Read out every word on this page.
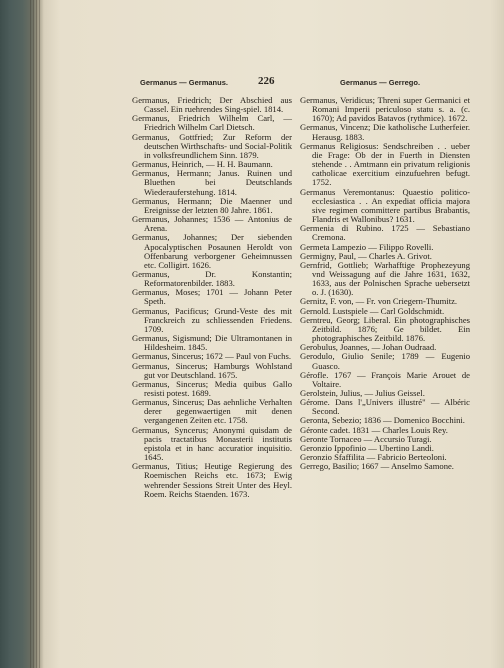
Germanus — Germanus.	226	Germanus — Gerrego.

Germanus, Friedrich; Der Abschied aus Cassel. Ein ruehrendes Sing-spiel. 1814.

Germanus, Friedrich Wilhelm Carl, — Friedrich Wilhelm Carl Dietsch.

Germanus, Gottfried; Zur Reform der deutschen Wirthschafts- und Social-Politik in volksfreundlichem Sinn. 1879.

Germanus, Heinrich, — H. H. Baumann.

Germanus, Hermann; Janus. Ruinen und Bluethen bei Deutschlands Wiederauferstehung. 1814.

Germanus, Hermann; Die Maenner und Ereignisse der letzten 80 Jahre. 1861.

Germanus, Johannes; 1536 — Antonius de Arena.

Germanus, Johannes; Der siebenden Apocalyptischen Posaunen Heroldt von Offenbarung verborgener Geheimnussen etc. Colligirt. 1626.

Germanus, Dr. Konstantin; Reformatorenbilder. 1883.

Germanus, Moses; 1701 — Johann Peter Speth.

Germanus, Pacificus; Grund-Veste des mit Franckreich zu schliessenden Friedens. 1709.

Germanus, Sigismund; Die Ultramontanen in Hildesheim. 1845.

Germanus, Sincerus; 1672 — Paul von Fuchs.

Germanus, Sincerus; Hamburgs Wohlstand gut vor Deutschland. 1675.

Germanus, Sincerus; Media quibus Gallo resisti potest. 1689.

Germanus, Sincerus; Das aehnliche Verhalten derer gegenwaertigen mit denen vergangenen Zeiten etc. 1758.

Germanus, Syncerus; Anonymi quisdam de pacis tractatibus Monasterii institutis epistola et in hanc accuratior inquisitio. 1645.

Germanus, Titius; Heutige Regierung des Roemischen Reichs etc. 1673; Ewig wehrender Sessions Streit Unter des Heyl. Roem. Reichs Staenden. 1673.

Germanus, Veridicus; Threni super Germanici et Romani Imperii periculoso statu s. a. (c. 1670); Ad pavidos Batavos (rythmice). 1672.

Germanus, Vincenz; Die katholische Lutherfeier. Herausg. 1883.

Germanus Religiosus: Sendschreiben . . ueber die Frage: Ob der in Fuerth in Diensten stehende . . Amtmann ein privatum religionis catholicae exercitium einzufuehren befugt. 1752.

Germanus Veremontanus: Quaestio politico-ecclesiastica . . An expediat officia majora sive regimen committere partibus Brabantis, Flandris et Wallonibus? 1631.

Germenia di Rubino. 1725 — Sebastiano Cremona.

Germeta Lampezio — Filippo Rovelli.

Germigny, Paul, — Charles A. Grivot.

Gernfrid, Gottlieb; Warhafftige Prophezeyung vnd Weissagung auf die Jahre 1631, 1632, 1633, aus der Polnischen Sprache uebersetzt o. J. (1630).

Gernitz, F. von, — Fr. von Criegern-Thumitz.

Gernold. Lustspiele — Carl Goldschmidt.

Gerntreu, Georg; Liberal. Ein photographisches Zeitbild. 1876; Ge bildet. Ein photographisches Zeitbild. 1876.

Gerobulus, Joannes, — Johan Oudraad.

Gerodulo, Giulio Senile; 1789 — Eugenio Guasco.

Gérofle. 1767 — François Marie Arouet de Voltaire.

Gerolstein, Julius, — Julius Geissel.

Gérome. Dans l'„Univers illustré" — Albéric Second.

Geronta, Sebezio; 1836 — Domenico Bocchini.

Géronte cadet. 1831 — Charles Louis Rey.

Geronte Tornaceo — Accursio Turagi.

Geronzio Ippofinio — Ubertino Landi.

Geronzio Sfaffilita — Fabricio Berteoloni.

Gerrego, Basilio; 1667 — Anselmo Samone.
